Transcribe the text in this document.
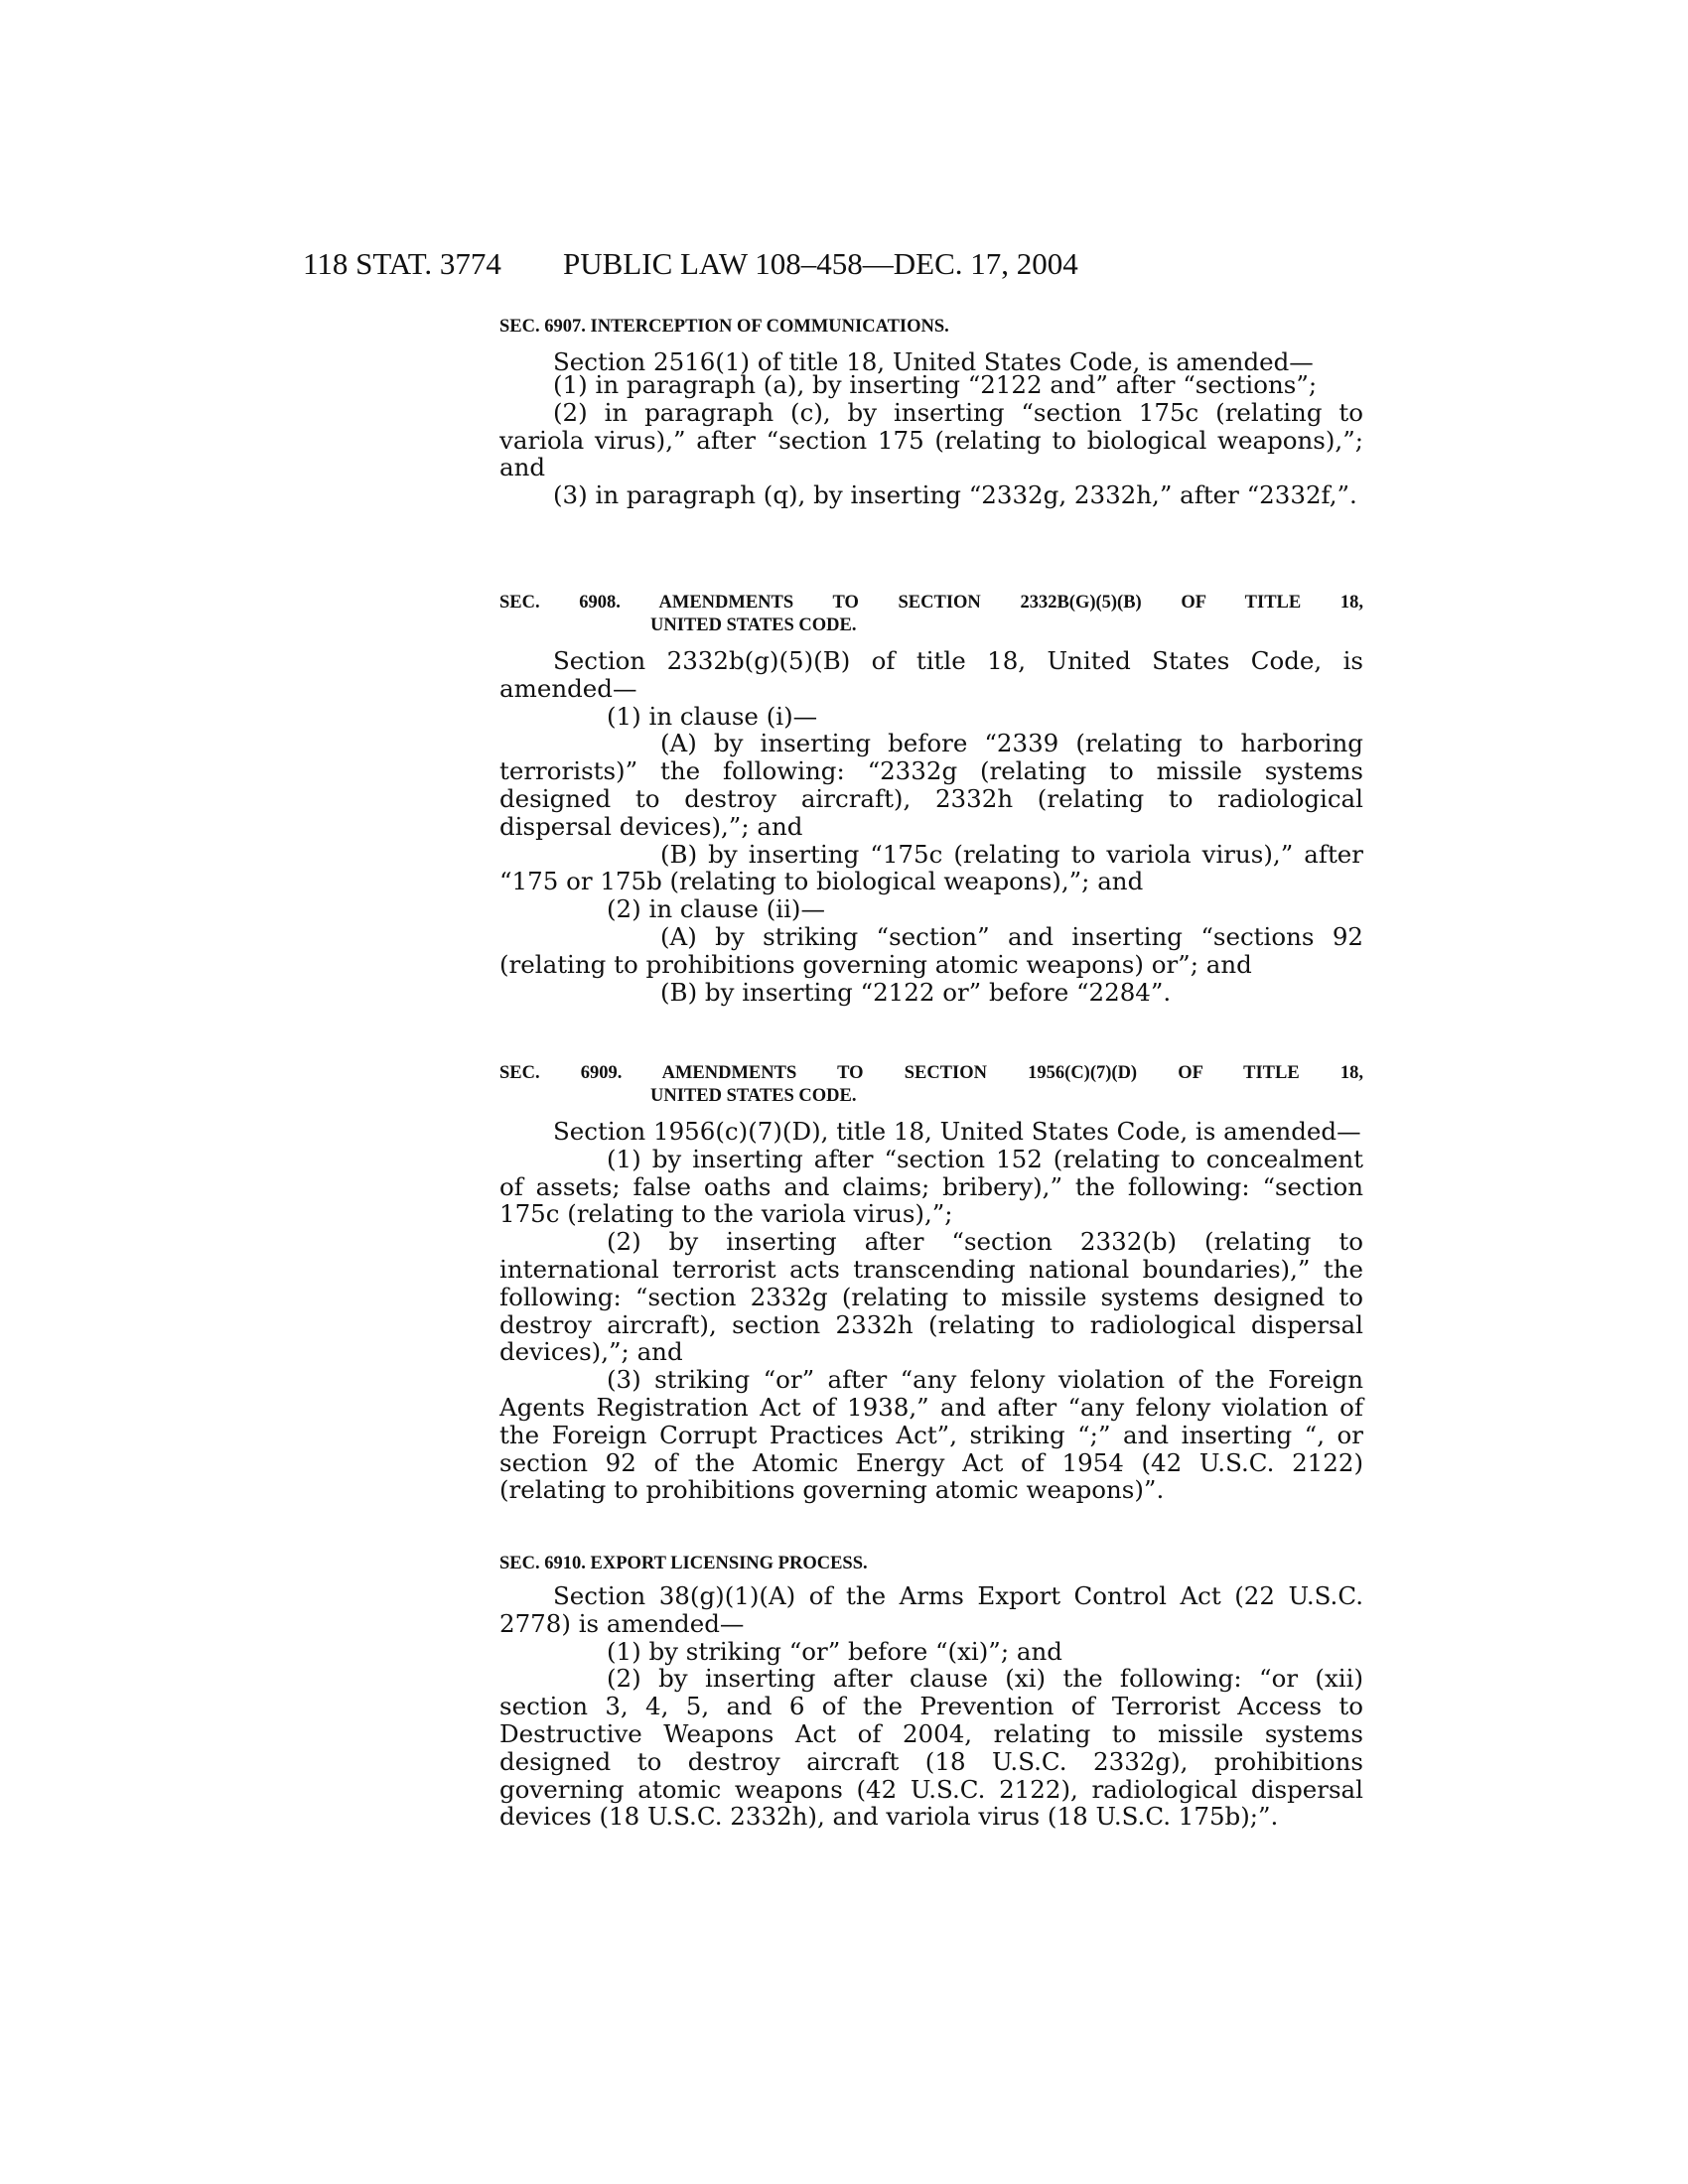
118 STAT. 3774 PUBLIC LAW 108–458—DEC. 17, 2004
SEC. 6907. INTERCEPTION OF COMMUNICATIONS.

Section 2516(1) of title 18, United States Code, is amended—

(1) in paragraph (a), by inserting “2122 and” after “sections”;

(2) in paragraph (c), by inserting “section 175c (relating to variola virus),” after “section 175 (relating to biological weapons),”; and

(3) in paragraph (q), by inserting “2332g, 2332h,” after “2332f,”.

SEC. 6908. AMENDMENTS TO SECTION 2332B(G)(5)(B) OF TITLE 18,
UNITED STATES CODE.

Section 2332b(g)(5)(B) of title 18, United States Code, is amended—

(1) in clause (i)—

(A) by inserting before “2339 (relating to harboring terrorists)” the following: “2332g (relating to missile systems designed to destroy aircraft), 2332h (relating to radiological dispersal devices),”; and

(B) by inserting “175c (relating to variola virus),” after “175 or 175b (relating to biological weapons),”; and

(2) in clause (ii)—

(A) by striking “section” and inserting “sections 92 (relating to prohibitions governing atomic weapons) or”; and

(B) by inserting “2122 or” before “2284”.

SEC. 6909. AMENDMENTS TO SECTION 1956(C)(7)(D) OF TITLE 18,
UNITED STATES CODE.

Section 1956(c)(7)(D), title 18, United States Code, is amended—

(1) by inserting after “section 152 (relating to concealment of assets; false oaths and claims; bribery),” the following: “section 175c (relating to the variola virus),”;

(2) by inserting after “section 2332(b) (relating to international terrorist acts transcending national boundaries),” the following: “section 2332g (relating to missile systems designed to destroy aircraft), section 2332h (relating to radiological dispersal devices),”; and

(3) striking “or” after “any felony violation of the Foreign Agents Registration Act of 1938,” and after “any felony violation of the Foreign Corrupt Practices Act”, striking “;” and inserting “, or section 92 of the Atomic Energy Act of 1954 (42 U.S.C. 2122) (relating to prohibitions governing atomic weapons)”.

SEC. 6910. EXPORT LICENSING PROCESS.

Section 38(g)(1)(A) of the Arms Export Control Act (22 U.S.C. 2778) is amended—

(1) by striking “or” before “(xi)”; and

(2) by inserting after clause (xi) the following: “or (xii) section 3, 4, 5, and 6 of the Prevention of Terrorist Access to Destructive Weapons Act of 2004, relating to missile systems designed to destroy aircraft (18 U.S.C. 2332g), prohibitions governing atomic weapons (42 U.S.C. 2122), radiological dispersal devices (18 U.S.C. 2332h), and variola virus (18 U.S.C. 175b);”.
